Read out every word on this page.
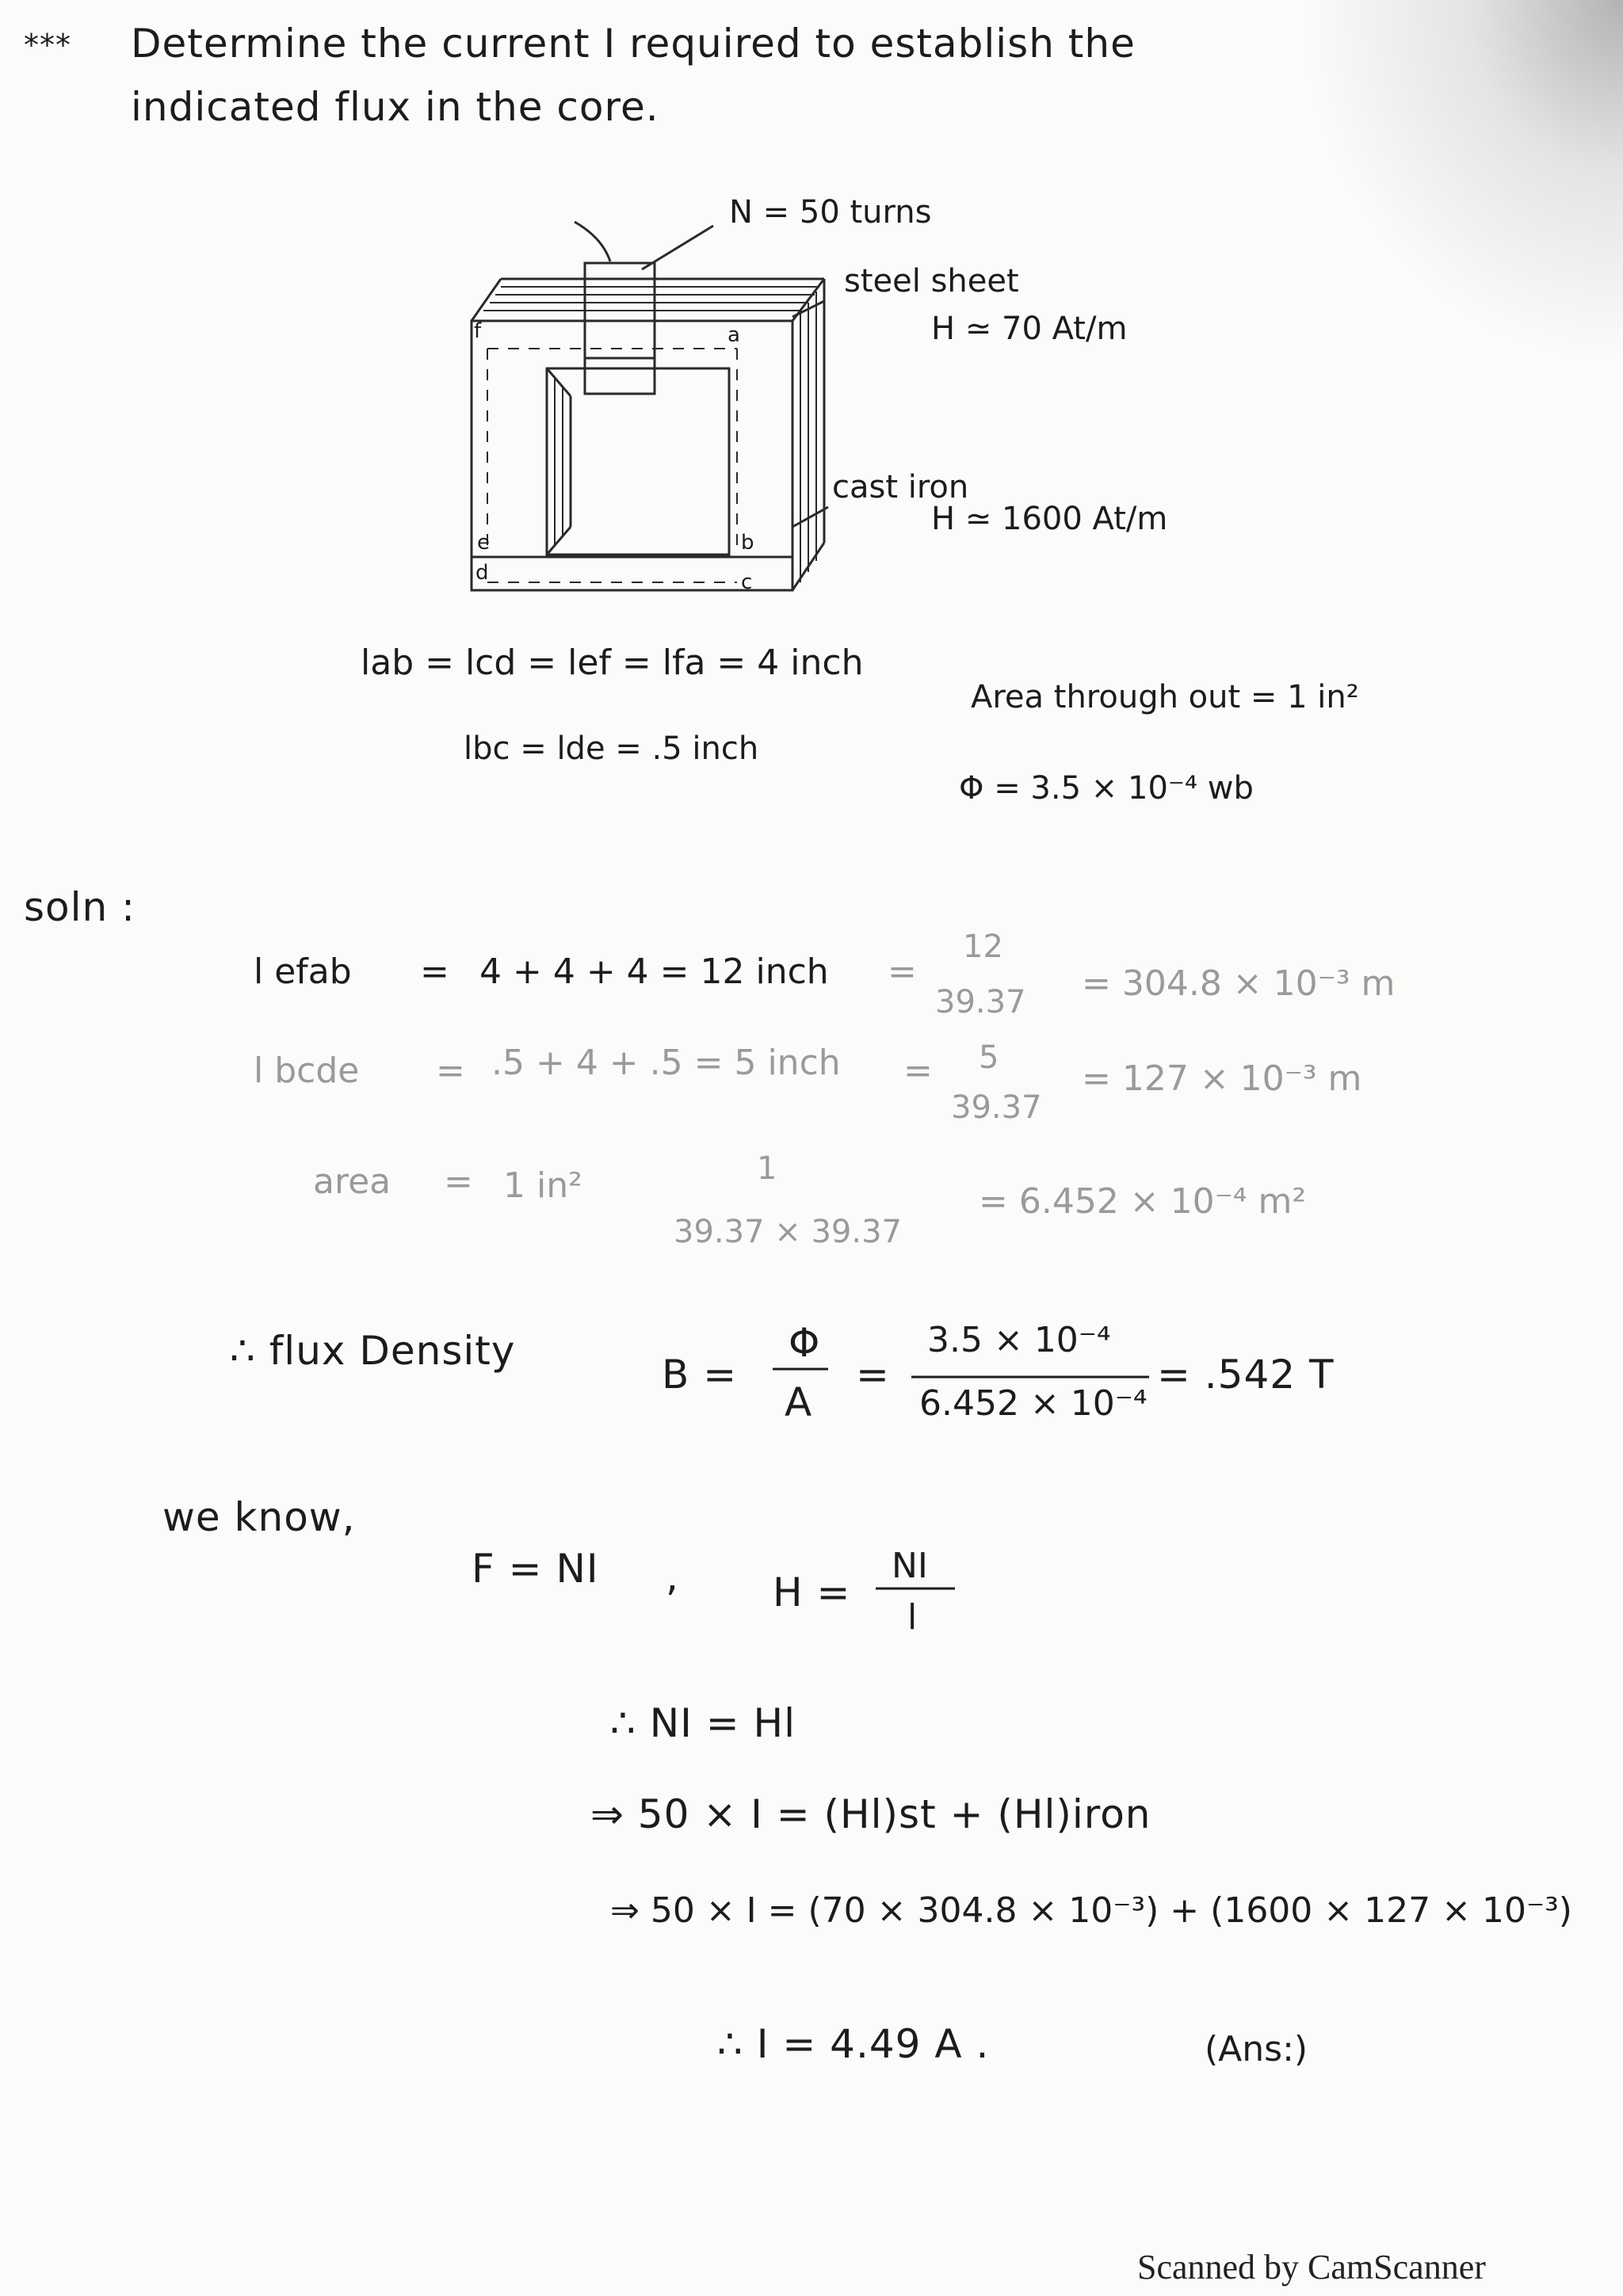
*** Determine the current I required to establish the
indicated flux in the core.
f	a
e	b
d	c
N = 50 turns
steel sheet
H ≃ 70 At/m
cast iron
H ≃ 1600 At/m
lab = lcd = lef = lfa = 4 inch
lbc = lde = .5 inch
Area through out = 1 in²
Φ = 3.5 × 10⁻⁴ wb
soln :
l efab = 4 + 4 + 4 = 12 inch =
12
39.37 = 304.8 × 10⁻³ m
l bcde = .5 + 4 + .5 = 5 inch = 5
39.37
= 127 × 10⁻³ m
area = 1 in²	1
39.37 × 39.37
= 6.452 × 10⁻⁴ m²
∴ flux Density
B =
Φ
A
=
3.5 × 10⁻⁴
6.452 × 10⁻⁴
= .542 T
we know,
F = NI , H =
NI
l
∴ NI = Hl
⇒ 50 × I = (Hl)st + (Hl)iron
⇒ 50 × I = (70 × 304.8 × 10⁻³) + (1600 × 127 × 10⁻³)
∴ I = 4.49 A .	(Ans:)
Scanned by CamScanner
